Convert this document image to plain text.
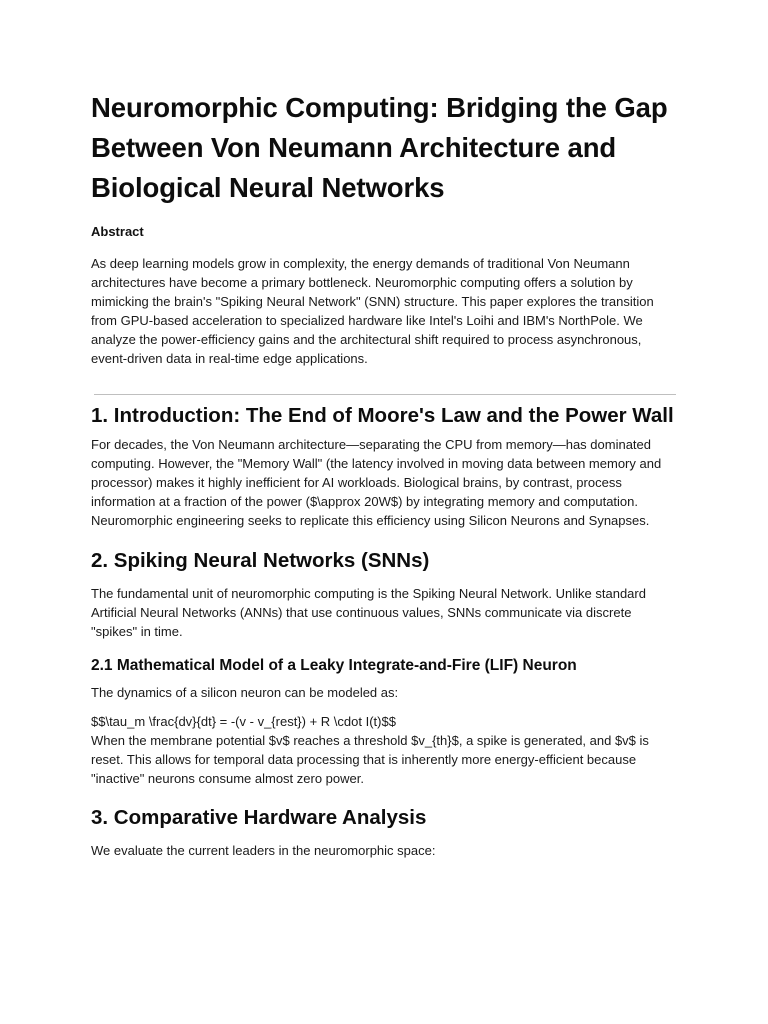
Neuromorphic Computing: Bridging the Gap Between Von Neumann Architecture and Biological Neural Networks
Abstract

As deep learning models grow in complexity, the energy demands of traditional Von Neumann architectures have become a primary bottleneck. Neuromorphic computing offers a solution by mimicking the brain's "Spiking Neural Network" (SNN) structure. This paper explores the transition from GPU-based acceleration to specialized hardware like Intel's Loihi and IBM's NorthPole. We analyze the power-efficiency gains and the architectural shift required to process asynchronous, event-driven data in real-time edge applications.

1. Introduction: The End of Moore's Law and the Power Wall

For decades, the Von Neumann architecture—separating the CPU from memory—has dominated computing. However, the "Memory Wall" (the latency involved in moving data between memory and processor) makes it highly inefficient for AI workloads. Biological brains, by contrast, process information at a fraction of the power ($\approx 20W$) by integrating memory and computation. Neuromorphic engineering seeks to replicate this efficiency using Silicon Neurons and Synapses.

2. Spiking Neural Networks (SNNs)

The fundamental unit of neuromorphic computing is the Spiking Neural Network. Unlike standard Artificial Neural Networks (ANNs) that use continuous values, SNNs communicate via discrete "spikes" in time.

2.1 Mathematical Model of a Leaky Integrate-and-Fire (LIF) Neuron

The dynamics of a silicon neuron can be modeled as:

$$\tau_m \frac{dv}{dt} = -(v - v_{rest}) + R \cdot I(t)$$

When the membrane potential $v$ reaches a threshold $v_{th}$, a spike is generated, and $v$ is reset. This allows for temporal data processing that is inherently more energy-efficient because "inactive" neurons consume almost zero power.

3. Comparative Hardware Analysis

We evaluate the current leaders in the neuromorphic space:
